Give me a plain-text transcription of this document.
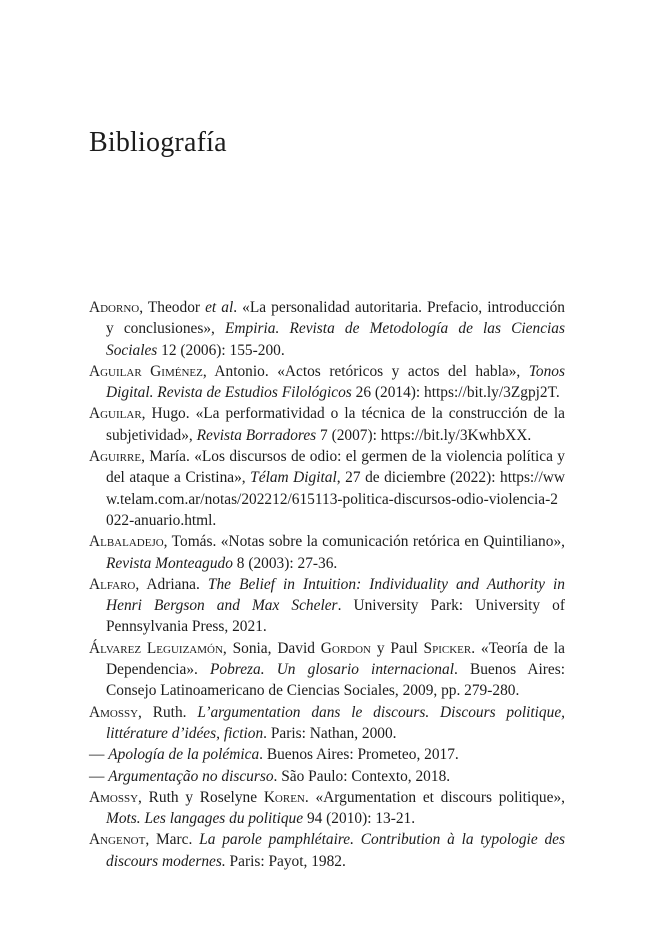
Bibliografía

Adorno, Theodor et al. «La personalidad autoritaria. Prefacio, introducción y conclusiones», Empiria. Revista de Metodología de las Ciencias Sociales 12 (2006): 155-200.

Aguilar Giménez, Antonio. «Actos retóricos y actos del habla», Tonos Digital. Revista de Estudios Filológicos 26 (2014): https://bit.ly/3Zgpj2T.

Aguilar, Hugo. «La performatividad o la técnica de la construcción de la subjetividad», Revista Borradores 7 (2007): https://bit.ly/3KwhbXX.

Aguirre, María. «Los discursos de odio: el germen de la violencia política y del ataque a Cristina», Télam Digital, 27 de diciembre (2022): https://www.telam.com.ar/notas/202212/615113-politica-discursos-odio-violencia-2022-anuario.html.

Albaladejo, Tomás. «Notas sobre la comunicación retórica en Quintiliano», Revista Monteagudo 8 (2003): 27-36.

Alfaro, Adriana. The Belief in Intuition: Individuality and Authority in Henri Bergson and Max Scheler. University Park: University of Pennsylvania Press, 2021.

Álvarez Leguizamón, Sonia, David Gordon y Paul Spicker. «Teoría de la Dependencia». Pobreza. Un glosario internacional. Buenos Aires: Consejo Latinoamericano de Ciencias Sociales, 2009, pp. 279-280.

Amossy, Ruth. L’argumentation dans le discours. Discours politique, littérature d’idées, fiction. Paris: Nathan, 2000.

— Apología de la polémica. Buenos Aires: Prometeo, 2017.

— Argumentação no discurso. São Paulo: Contexto, 2018.

Amossy, Ruth y Roselyne Koren. «Argumentation et discours politique», Mots. Les langages du politique 94 (2010): 13-21.

Angenot, Marc. La parole pamphlétaire. Contribution à la typologie des discours modernes. Paris: Payot, 1982.
